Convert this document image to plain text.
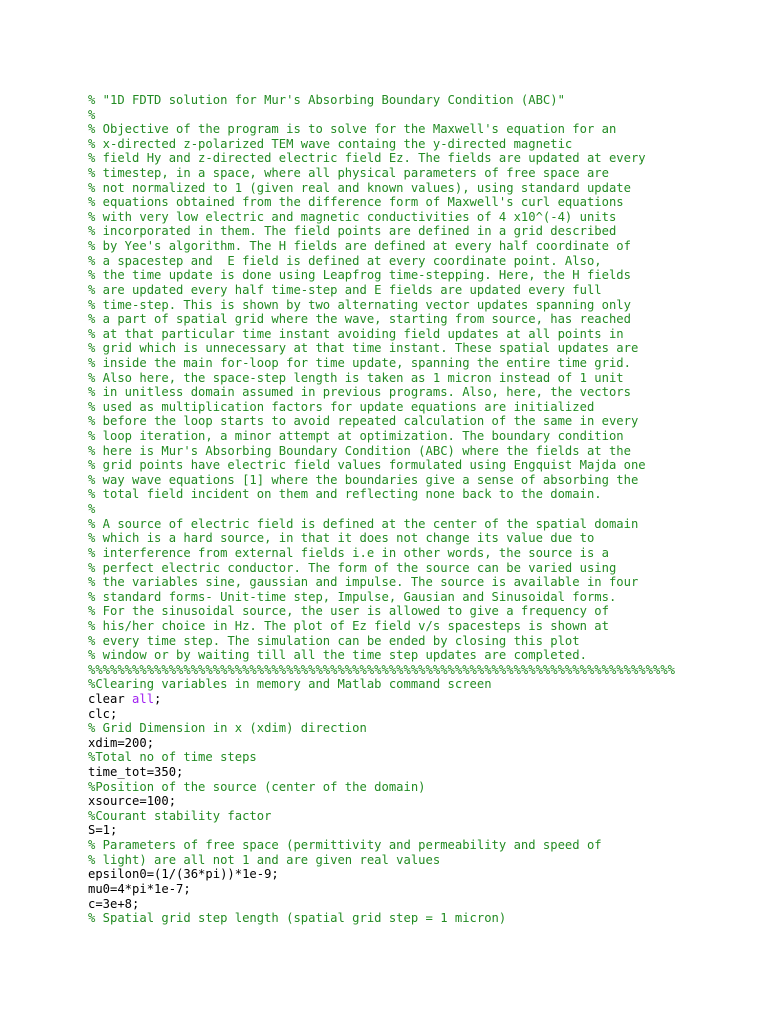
% "1D FDTD solution for Mur's Absorbing Boundary Condition (ABC)"
%
% Objective of the program is to solve for the Maxwell's equation for an
% x-directed z-polarized TEM wave containg the y-directed magnetic
% field Hy and z-directed electric field Ez. The fields are updated at every
% timestep, in a space, where all physical parameters of free space are
% not normalized to 1 (given real and known values), using standard update
% equations obtained from the difference form of Maxwell's curl equations
% with very low electric and magnetic conductivities of 4 x10^(-4) units
% incorporated in them. The field points are defined in a grid described
% by Yee's algorithm. The H fields are defined at every half coordinate of
% a spacestep and  E field is defined at every coordinate point. Also,
% the time update is done using Leapfrog time-stepping. Here, the H fields
% are updated every half time-step and E fields are updated every full
% time-step. This is shown by two alternating vector updates spanning only
% a part of spatial grid where the wave, starting from source, has reached
% at that particular time instant avoiding field updates at all points in
% grid which is unnecessary at that time instant. These spatial updates are
% inside the main for-loop for time update, spanning the entire time grid.
% Also here, the space-step length is taken as 1 micron instead of 1 unit
% in unitless domain assumed in previous programs. Also, here, the vectors
% used as multiplication factors for update equations are initialized
% before the loop starts to avoid repeated calculation of the same in every
% loop iteration, a minor attempt at optimization. The boundary condition
% here is Mur's Absorbing Boundary Condition (ABC) where the fields at the
% grid points have electric field values formulated using Engquist Majda one
% way wave equations [1] where the boundaries give a sense of absorbing the
% total field incident on them and reflecting none back to the domain.
%
% A source of electric field is defined at the center of the spatial domain
% which is a hard source, in that it does not change its value due to
% interference from external fields i.e in other words, the source is a
% perfect electric conductor. The form of the source can be varied using
% the variables sine, gaussian and impulse. The source is available in four
% standard forms- Unit-time step, Impulse, Gausian and Sinusoidal forms.
% For the sinusoidal source, the user is allowed to give a frequency of
% his/her choice in Hz. The plot of Ez field v/s spacesteps is shown at
% every time step. The simulation can be ended by closing this plot
% window or by waiting till all the time step updates are completed.
%%%%%%%%%%%%%%%%%%%%%%%%%%%%%%%%%%%%%%%%%%%%%%%%%%%%%%%%%%%%%%%%%%%%%%%%%%%%%%%%
%Clearing variables in memory and Matlab command screen
clear all;
clc;
% Grid Dimension in x (xdim) direction
xdim=200;
%Total no of time steps
time_tot=350;
%Position of the source (center of the domain)
xsource=100;
%Courant stability factor
S=1;
% Parameters of free space (permittivity and permeability and speed of
% light) are all not 1 and are given real values
epsilon0=(1/(36*pi))*1e-9;
mu0=4*pi*1e-7;
c=3e+8;
% Spatial grid step length (spatial grid step = 1 micron)
